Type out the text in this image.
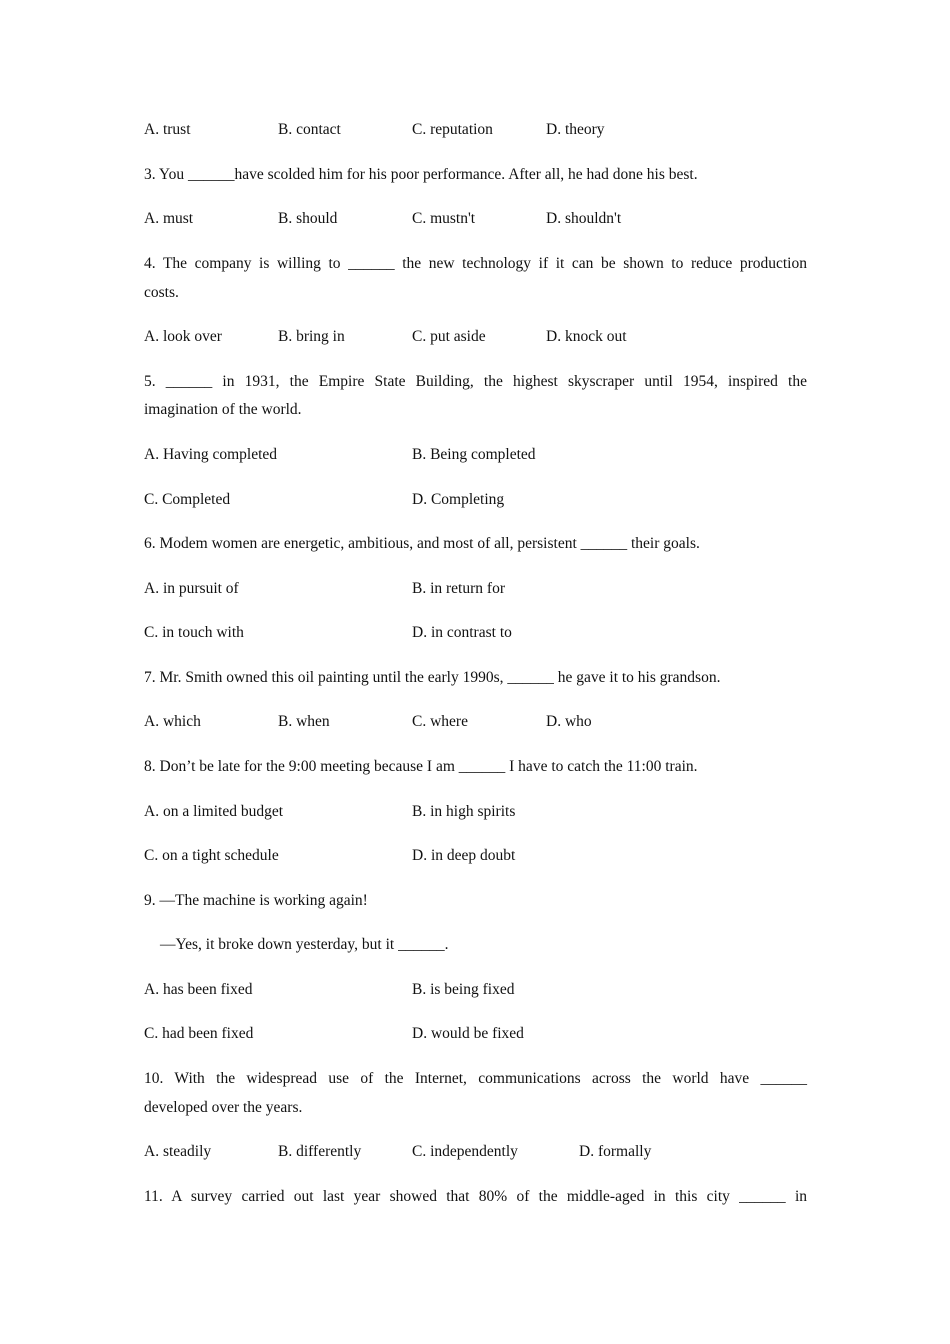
A. trust	B. contact	C. reputation	D. theory
3. You ______have scolded him for his poor performance. After all, he had done his best.
A. must	B. should	C. mustn't	D. shouldn't
4. The company is willing to ______ the new technology if it can be shown to reduce production
costs.
A. look over	B. bring in	C. put aside	D. knock out
5. ______ in 1931, the Empire State Building, the highest skyscraper until 1954, inspired the
imagination of the world.
A. Having completed	B. Being completed
C. Completed	D. Completing
6. Modem women are energetic, ambitious, and most of all, persistent ______ their goals.
A. in pursuit of	B. in return for
C. in touch with	D. in contrast to
7. Mr. Smith owned this oil painting until the early 1990s, ______ he gave it to his grandson.
A. which	B. when	C. where	D. who
8. Don’t be late for the 9:00 meeting because I am ______ I have to catch the 11:00 train.
A. on a limited budget	B. in high spirits
C. on a tight schedule	D. in deep doubt
9. —The machine is working again!
—Yes, it broke down yesterday, but it ______.
A. has been fixed	B. is being fixed
C. had been fixed	D. would be fixed
10. With the widespread use of the Internet, communications across the world have ______
developed over the years.
A. steadily	B. differently	C. independently	D. formally
11. A survey carried out last year showed that 80% of the middle-aged in this city ______ in
